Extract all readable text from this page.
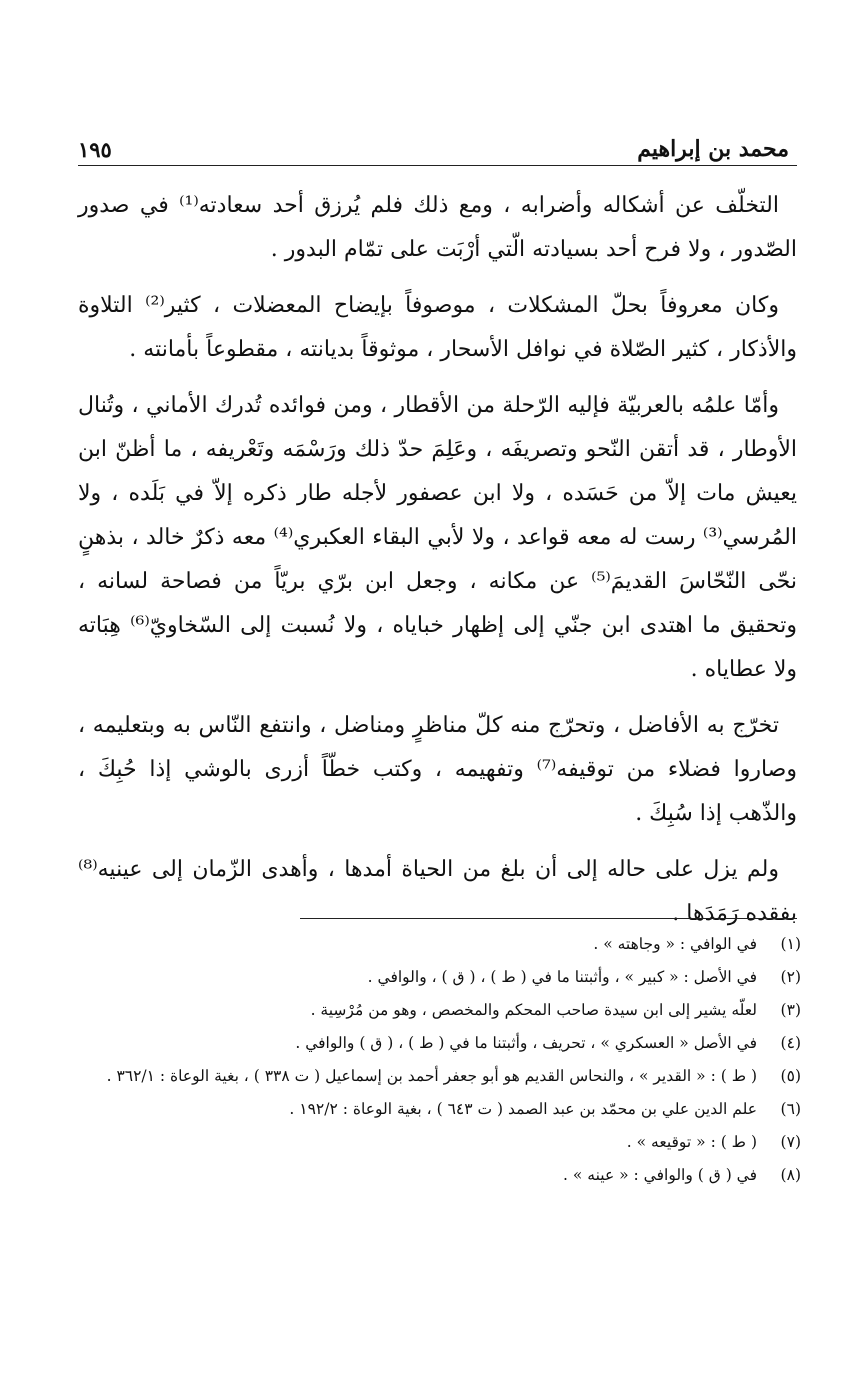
محمد بن إبراهيم
١٩٥

التخلّف عن أشكاله وأضرابه ، ومع ذلك فلم يُرزق أحد سعادته⁽¹⁾ في صدور الصّدور ، ولا فرح أحد بسيادته الّتي أرْبَت على تمّام البدور .

وكان معروفاً بحلّ المشكلات ، موصوفاً بإيضاح المعضلات ، كثير⁽²⁾ التلاوة والأذكار ، كثير الصّلاة في نوافل الأسحار ، موثوقاً بديانته ، مقطوعاً بأمانته .

وأمّا علمُه بالعربيّة فإليه الرّحلة من الأقطار ، ومن فوائده تُدرك الأماني ، وتُنال الأوطار ، قد أتقن النّحو وتصريفَه ، وعَلِمَ حدّ ذلك ورَسْمَه وتَعْريفه ، ما أظنّ ابن يعيش مات إلاّ من حَسَده ، ولا ابن عصفور لأجله طار ذكره إلاّ في بَلَده ، ولا المُرسي⁽³⁾ رست له معه قواعد ، ولا لأبي البقاء العكبري⁽⁴⁾ معه ذكرٌ خالد ، بذهنٍ نحّى النّحّاسَ القديمَ⁽⁵⁾ عن مكانه ، وجعل ابن برّي بريّاً من فصاحة لسانه ، وتحقيق ما اهتدى ابن جنّي إلى إظهار خباياه ، ولا نُسبت إلى السّخاويّ⁽⁶⁾ هِبَاته ولا عطاياه .

تخرّج به الأفاضل ، وتحرّج منه كلّ مناظرٍ ومناضل ، وانتفع النّاس به وبتعليمه ، وصاروا فضلاء من توقيفه⁽⁷⁾ وتفهيمه ، وكتب خطّاً أزرى بالوشي إذا حُبِكَ ، والذّهب إذا سُبِكَ .

ولم يزل على حاله إلى أن بلغ من الحياة أمدها ، وأهدى الزّمان إلى عينيه⁽⁸⁾ بفقده رَمَدَها .

(١)
في الوافي : « وجاهته » .
(٢)
في الأصل : « كبير » ، وأثبتنا ما في ( ط ) ، ( ق ) ، والوافي .
(٣)
لعلّه يشير إلى ابن سيدة صاحب المحكم والمخصص ، وهو من مُرْسِية .
(٤)
في الأصل « العسكري » ، تحريف ، وأثبتنا ما في ( ط ) ، ( ق ) والوافي .
(٥)
( ط ) : « القدير » ، والنحاس القديم هو أبو جعفر أحمد بن إسماعيل ( ت ٣٣٨ ) ، بغية الوعاة : ٣٦٢/١ .
(٦)
علم الدين علي بن محمّد بن عبد الصمد ( ت ٦٤٣ ) ، بغية الوعاة : ١٩٢/٢ .
(٧)
( ط ) : « توقيعه » .
(٨)
في ( ق ) والوافي : « عينه » .
